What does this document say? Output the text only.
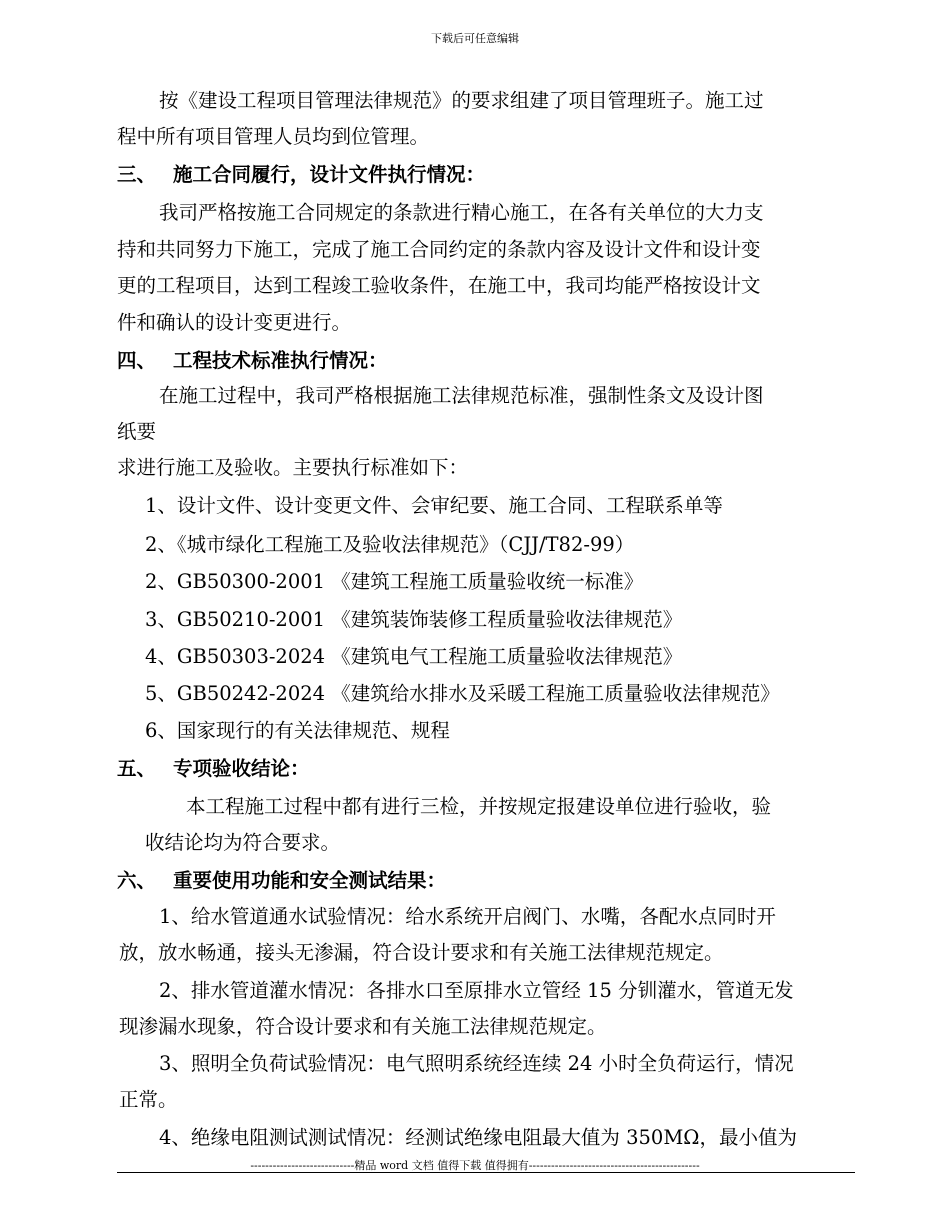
下载后可任意编辑
按《建设工程项目管理法律规范》的要求组建了项目管理班子。施工过
程中所有项目管理人员均到位管理。
三、 施工合同履行，设计文件执行情况：
我司严格按施工合同规定的条款进行精心施工，在各有关单位的大力支
持和共同努力下施工，完成了施工合同约定的条款内容及设计文件和设计变
更的工程项目，达到工程竣工验收条件，在施工中，我司均能严格按设计文
件和确认的设计变更进行。
四、 工程技术标准执行情况：
在施工过程中，我司严格根据施工法律规范标准，强制性条文及设计图
纸要
求进行施工及验收。主要执行标准如下：
1、设计文件、设计变更文件、会审纪要、施工合同、工程联系单等
2、《城市绿化工程施工及验收法律规范》（CJJ/T82-99）
2、GB50300-2001 《建筑工程施工质量验收统一标准》
3、GB50210-2001 《建筑装饰装修工程质量验收法律规范》
4、GB50303-2024 《建筑电气工程施工质量验收法律规范》
5、GB50242-2024 《建筑给水排水及采暖工程施工质量验收法律规范》
6、国家现行的有关法律规范、规程
五、 专项验收结论：
本工程施工过程中都有进行三检，并按规定报建设单位进行验收，验
收结论均为符合要求。
六、 重要使用功能和安全测试结果：
1、给水管道通水试验情况：给水系统开启阀门、水嘴，各配水点同时开
放，放水畅通，接头无渗漏，符合设计要求和有关施工法律规范规定。
2、排水管道灌水情况：各排水口至原排水立管经 15 分钏灌水，管道无发
现渗漏水现象，符合设计要求和有关施工法律规范规定。
3、照明全负荷试验情况：电气照明系统经连续 24 小时全负荷运行，情况
正常。
4、绝缘电阻测试测试情况：经测试绝缘电阻最大值为 350MΩ，最小值为
----------------------------精品 word 文档 值得下载 值得拥有----------------------------------------------
